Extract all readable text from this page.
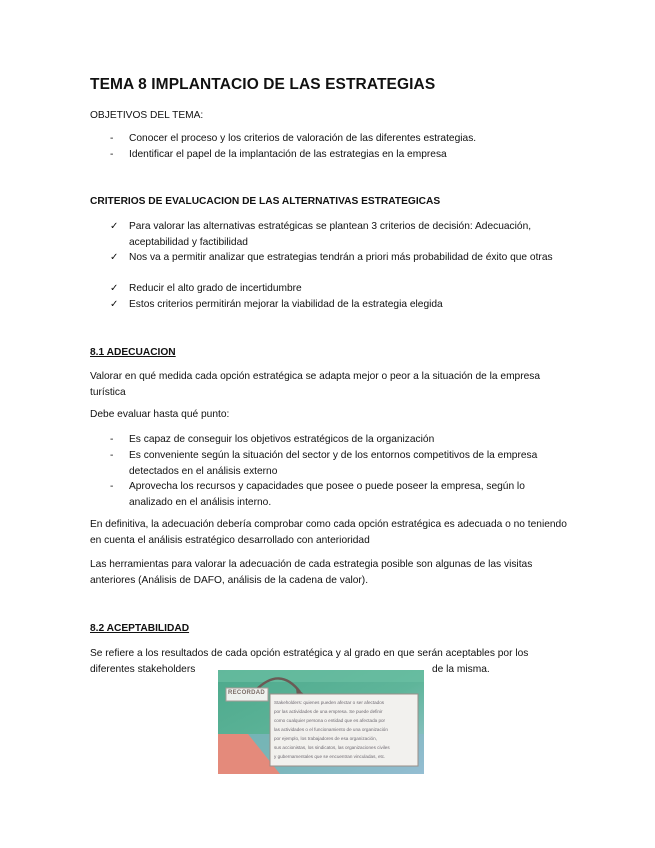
TEMA 8 IMPLANTACIO DE LAS ESTRATEGIAS
OBJETIVOS DEL TEMA:
-	Conocer el proceso y los criterios de valoración de las diferentes estrategias.
-	Identificar el papel de la implantación de las estrategias en la empresa
CRITERIOS DE EVALUCACION DE LAS ALTERNATIVAS ESTRATEGICAS
✓	Para valorar las alternativas estratégicas se plantean 3 criterios de decisión: Adecuación, aceptabilidad y factibilidad
✓	Nos va a permitir analizar que estrategias tendrán a priori más probabilidad de éxito que otras
✓	Reducir el alto grado de incertidumbre
✓	Estos criterios permitirán mejorar la viabilidad de la estrategia elegida
8.1 ADECUACION
Valorar en qué medida cada opción estratégica se adapta mejor o peor a la situación de la empresa turística
Debe evaluar hasta qué punto:
-	Es capaz de conseguir los objetivos estratégicos de la organización
-	Es conveniente según la situación del sector y de los entornos competitivos de la empresa detectados en el análisis externo
-	Aprovecha los recursos y capacidades que posee o puede poseer la empresa, según lo analizado en el análisis interno.
En definitiva, la adecuación debería comprobar como cada opción estratégica es adecuada o no teniendo en cuenta el análisis estratégico desarrollado con anterioridad
Las herramientas para valorar la adecuación de cada estrategia posible son algunas de las visitas anteriores (Análisis de DAFO, análisis de la cadena de valor).
8.2 ACEPTABILIDAD
Se refiere a los resultados de cada opción estratégica y al grado en que serán aceptables por los
diferentes stakeholders	de la misma.
RECORDAD
Stakeholders: quienes pueden afectar o ser afectados
por las actividades de una empresa. Se puede definir
como cualquier persona o entidad que es afectada por
las actividades o el funcionamiento de una organización
por ejemplo, los trabajadores de esa organización,
sus accionistas, los sindicatos, las organizaciones civiles
y gubernamentales que se encuentran vinculadas, etc.
